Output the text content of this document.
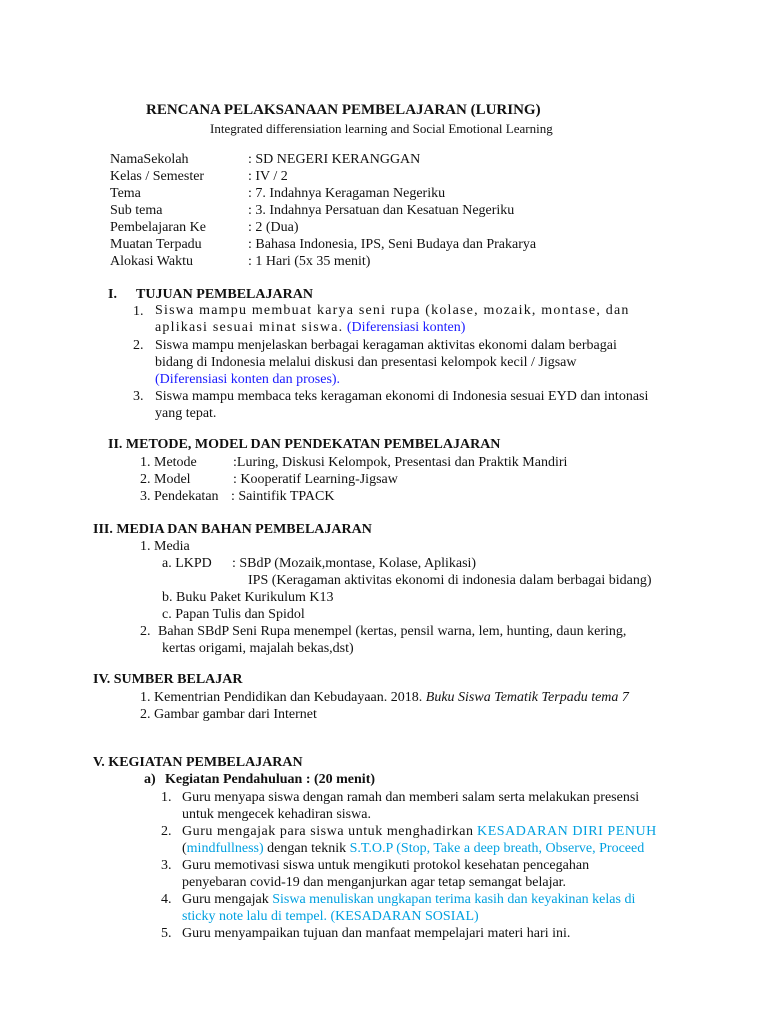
RENCANA PELAKSANAAN PEMBELAJARAN (LURING)
Integrated differensiation learning and Social Emotional Learning
NamaSekolah	: SD NEGERI KERANGGAN
Kelas / Semester	: IV / 2
Tema	: 7. Indahnya Keragaman Negeriku
Sub tema	: 3. Indahnya Persatuan dan Kesatuan Negeriku
Pembelajaran Ke	: 2 (Dua)
Muatan Terpadu	: Bahasa Indonesia, IPS, Seni Budaya dan Prakarya
Alokasi Waktu	: 1 Hari (5x 35 menit)
I. TUJUAN PEMBELAJARAN
1. Siswa mampu membuat karya seni rupa (kolase, mozaik, montase, dan
aplikasi sesuai minat siswa. (Diferensiasi konten)
2. Siswa mampu menjelaskan berbagai keragaman aktivitas ekonomi dalam berbagai
bidang di Indonesia melalui diskusi dan presentasi kelompok kecil / Jigsaw
(Diferensiasi konten dan proses).
3. Siswa mampu membaca teks keragaman ekonomi di Indonesia sesuai EYD dan intonasi
yang tepat.
II. METODE, MODEL DAN PENDEKATAN PEMBELAJARAN
1. Metode	:Luring, Diskusi Kelompok, Presentasi dan Praktik Mandiri
2. Model	: Kooperatif Learning-Jigsaw
3. Pendekatan : Saintifik TPACK
III. MEDIA DAN BAHAN PEMBELAJARAN
1. Media
a. LKPD : SBdP (Mozaik,montase, Kolase, Aplikasi)
IPS (Keragaman aktivitas ekonomi di indonesia dalam berbagai bidang)
b. Buku Paket Kurikulum K13
c. Papan Tulis dan Spidol
2. Bahan SBdP Seni Rupa menempel (kertas, pensil warna, lem, hunting, daun kering,
kertas origami, majalah bekas,dst)
IV. SUMBER BELAJAR
1. Kementrian Pendidikan dan Kebudayaan. 2018. Buku Siswa Tematik Terpadu tema 7
2. Gambar gambar dari Internet
V. KEGIATAN PEMBELAJARAN
a) Kegiatan Pendahuluan : (20 menit)
1. Guru menyapa siswa dengan ramah dan memberi salam serta melakukan presensi
untuk mengecek kehadiran siswa.
2. Guru mengajak para siswa untuk menghadirkan KESADARAN DIRI PENUH
(mindfullness) dengan teknik S.T.O.P (Stop, Take a deep breath, Observe, Proceed
3. Guru memotivasi siswa untuk mengikuti protokol kesehatan pencegahan
penyebaran covid-19 dan menganjurkan agar tetap semangat belajar.
4. Guru mengajak Siswa menuliskan ungkapan terima kasih dan keyakinan kelas di
sticky note lalu di tempel. (KESADARAN SOSIAL)
5. Guru menyampaikan tujuan dan manfaat mempelajari materi hari ini.
